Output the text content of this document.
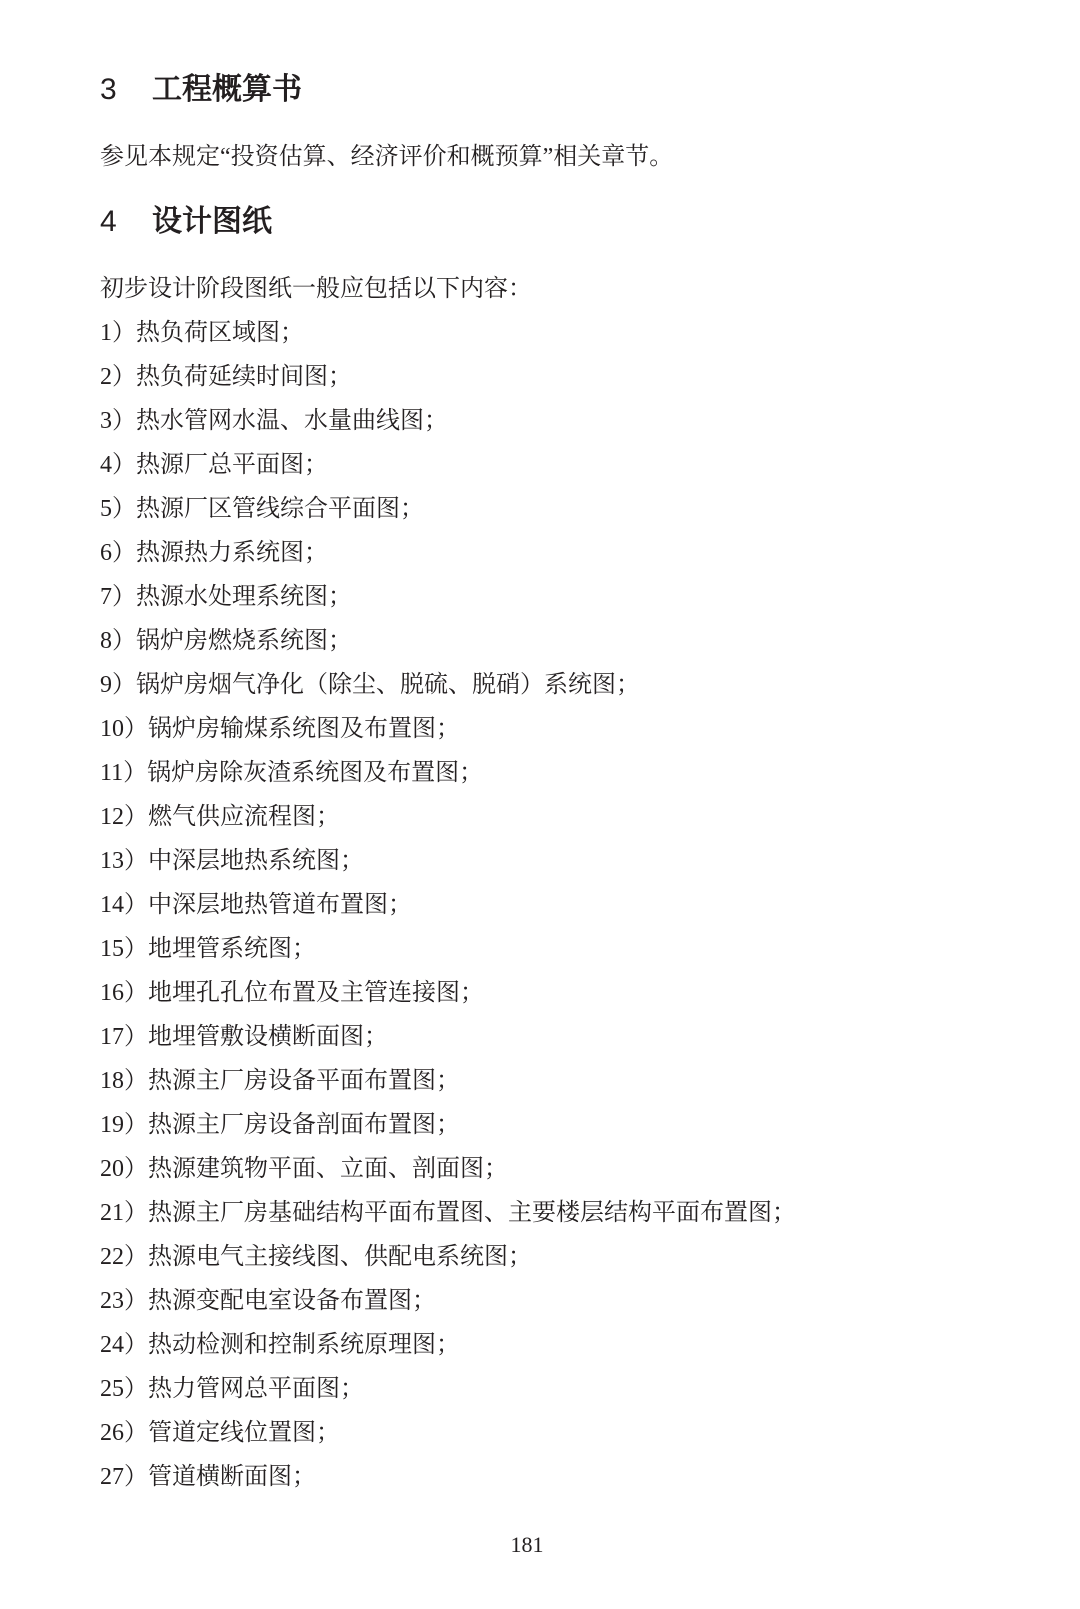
3 工程概算书

参见本规定“投资估算、经济评价和概预算”相关章节。

4 设计图纸

初步设计阶段图纸一般应包括以下内容：

1）热负荷区域图；
2）热负荷延续时间图；
3）热水管网水温、水量曲线图；
4）热源厂总平面图；
5）热源厂区管线综合平面图；
6）热源热力系统图；
7）热源水处理系统图；
8）锅炉房燃烧系统图；
9）锅炉房烟气净化（除尘、脱硫、脱硝）系统图；
10）锅炉房输煤系统图及布置图；
11）锅炉房除灰渣系统图及布置图；
12）燃气供应流程图；
13）中深层地热系统图；
14）中深层地热管道布置图；
15）地埋管系统图；
16）地埋孔孔位布置及主管连接图；
17）地埋管敷设横断面图；
18）热源主厂房设备平面布置图；
19）热源主厂房设备剖面布置图；
20）热源建筑物平面、立面、剖面图；
21）热源主厂房基础结构平面布置图、主要楼层结构平面布置图；
22）热源电气主接线图、供配电系统图；
23）热源变配电室设备布置图；
24）热动检测和控制系统原理图；
25）热力管网总平面图；
26）管道定线位置图；
27）管道横断面图；
181
